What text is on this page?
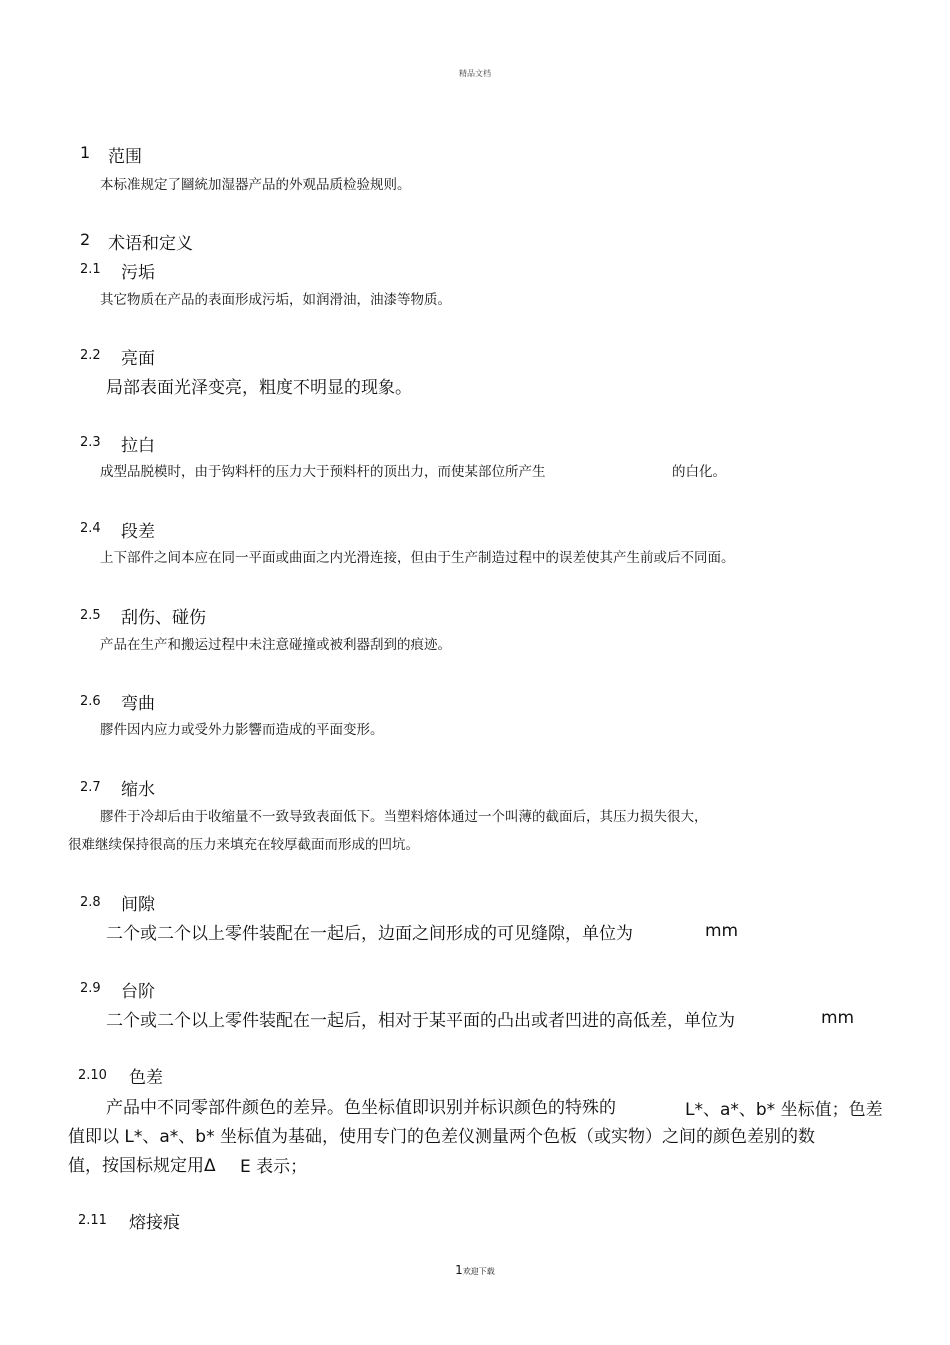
精品文档
1 范围
本标准规定了圝統加湿器产品的外观品质检验规则。
2 术语和定义
2.1 污垢
其它物质在产品的表面形成污垢，如润滑油，油漆等物质。
2.2 亮面
局部表面光泽变亮，粗度不明显的现象。
2.3 拉白
成型品脱模时，由于钩料杆的压力大于预料杆的顶出力，而使某部位所产生	的白化。
2.4 段差
上下部件之间本应在同一平面或曲面之内光滑连接，但由于生产制造过程中的误差使其产生前或后不同面。
2.5 刮伤、碰伤
产品在生产和搬运过程中未注意碰撞或被利器刮到的痕迹。
2.6 弯曲
膠件因内应力或受外力影響而造成的平面变形。
2.7 缩水
膠件于冷却后由于收缩量不一致导致表面低下。当塑料熔体通过一个叫薄的截面后，其压力损失很大，
很难继续保持很高的压力来填充在较厚截面而形成的凹坑。
2.8 间隙
二个或二个以上零件装配在一起后，边面之间形成的可见缝隙，单位为	mm
2.9 台阶
二个或二个以上零件装配在一起后，相对于某平面的凸出或者凹进的高低差，单位为	mm
2.10 色差
产品中不同零部件颜色的差异。色坐标值即识别并标识颜色的特殊的	L*、a*、b* 坐标值；色差
值即以 L*、a*、b* 坐标值为基础，使用专门的色差仪测量两个色板（或实物）之间的颜色差别的数
值，按国标规定用Δ E 表示；
2.11 熔接痕
1欢迎下载
